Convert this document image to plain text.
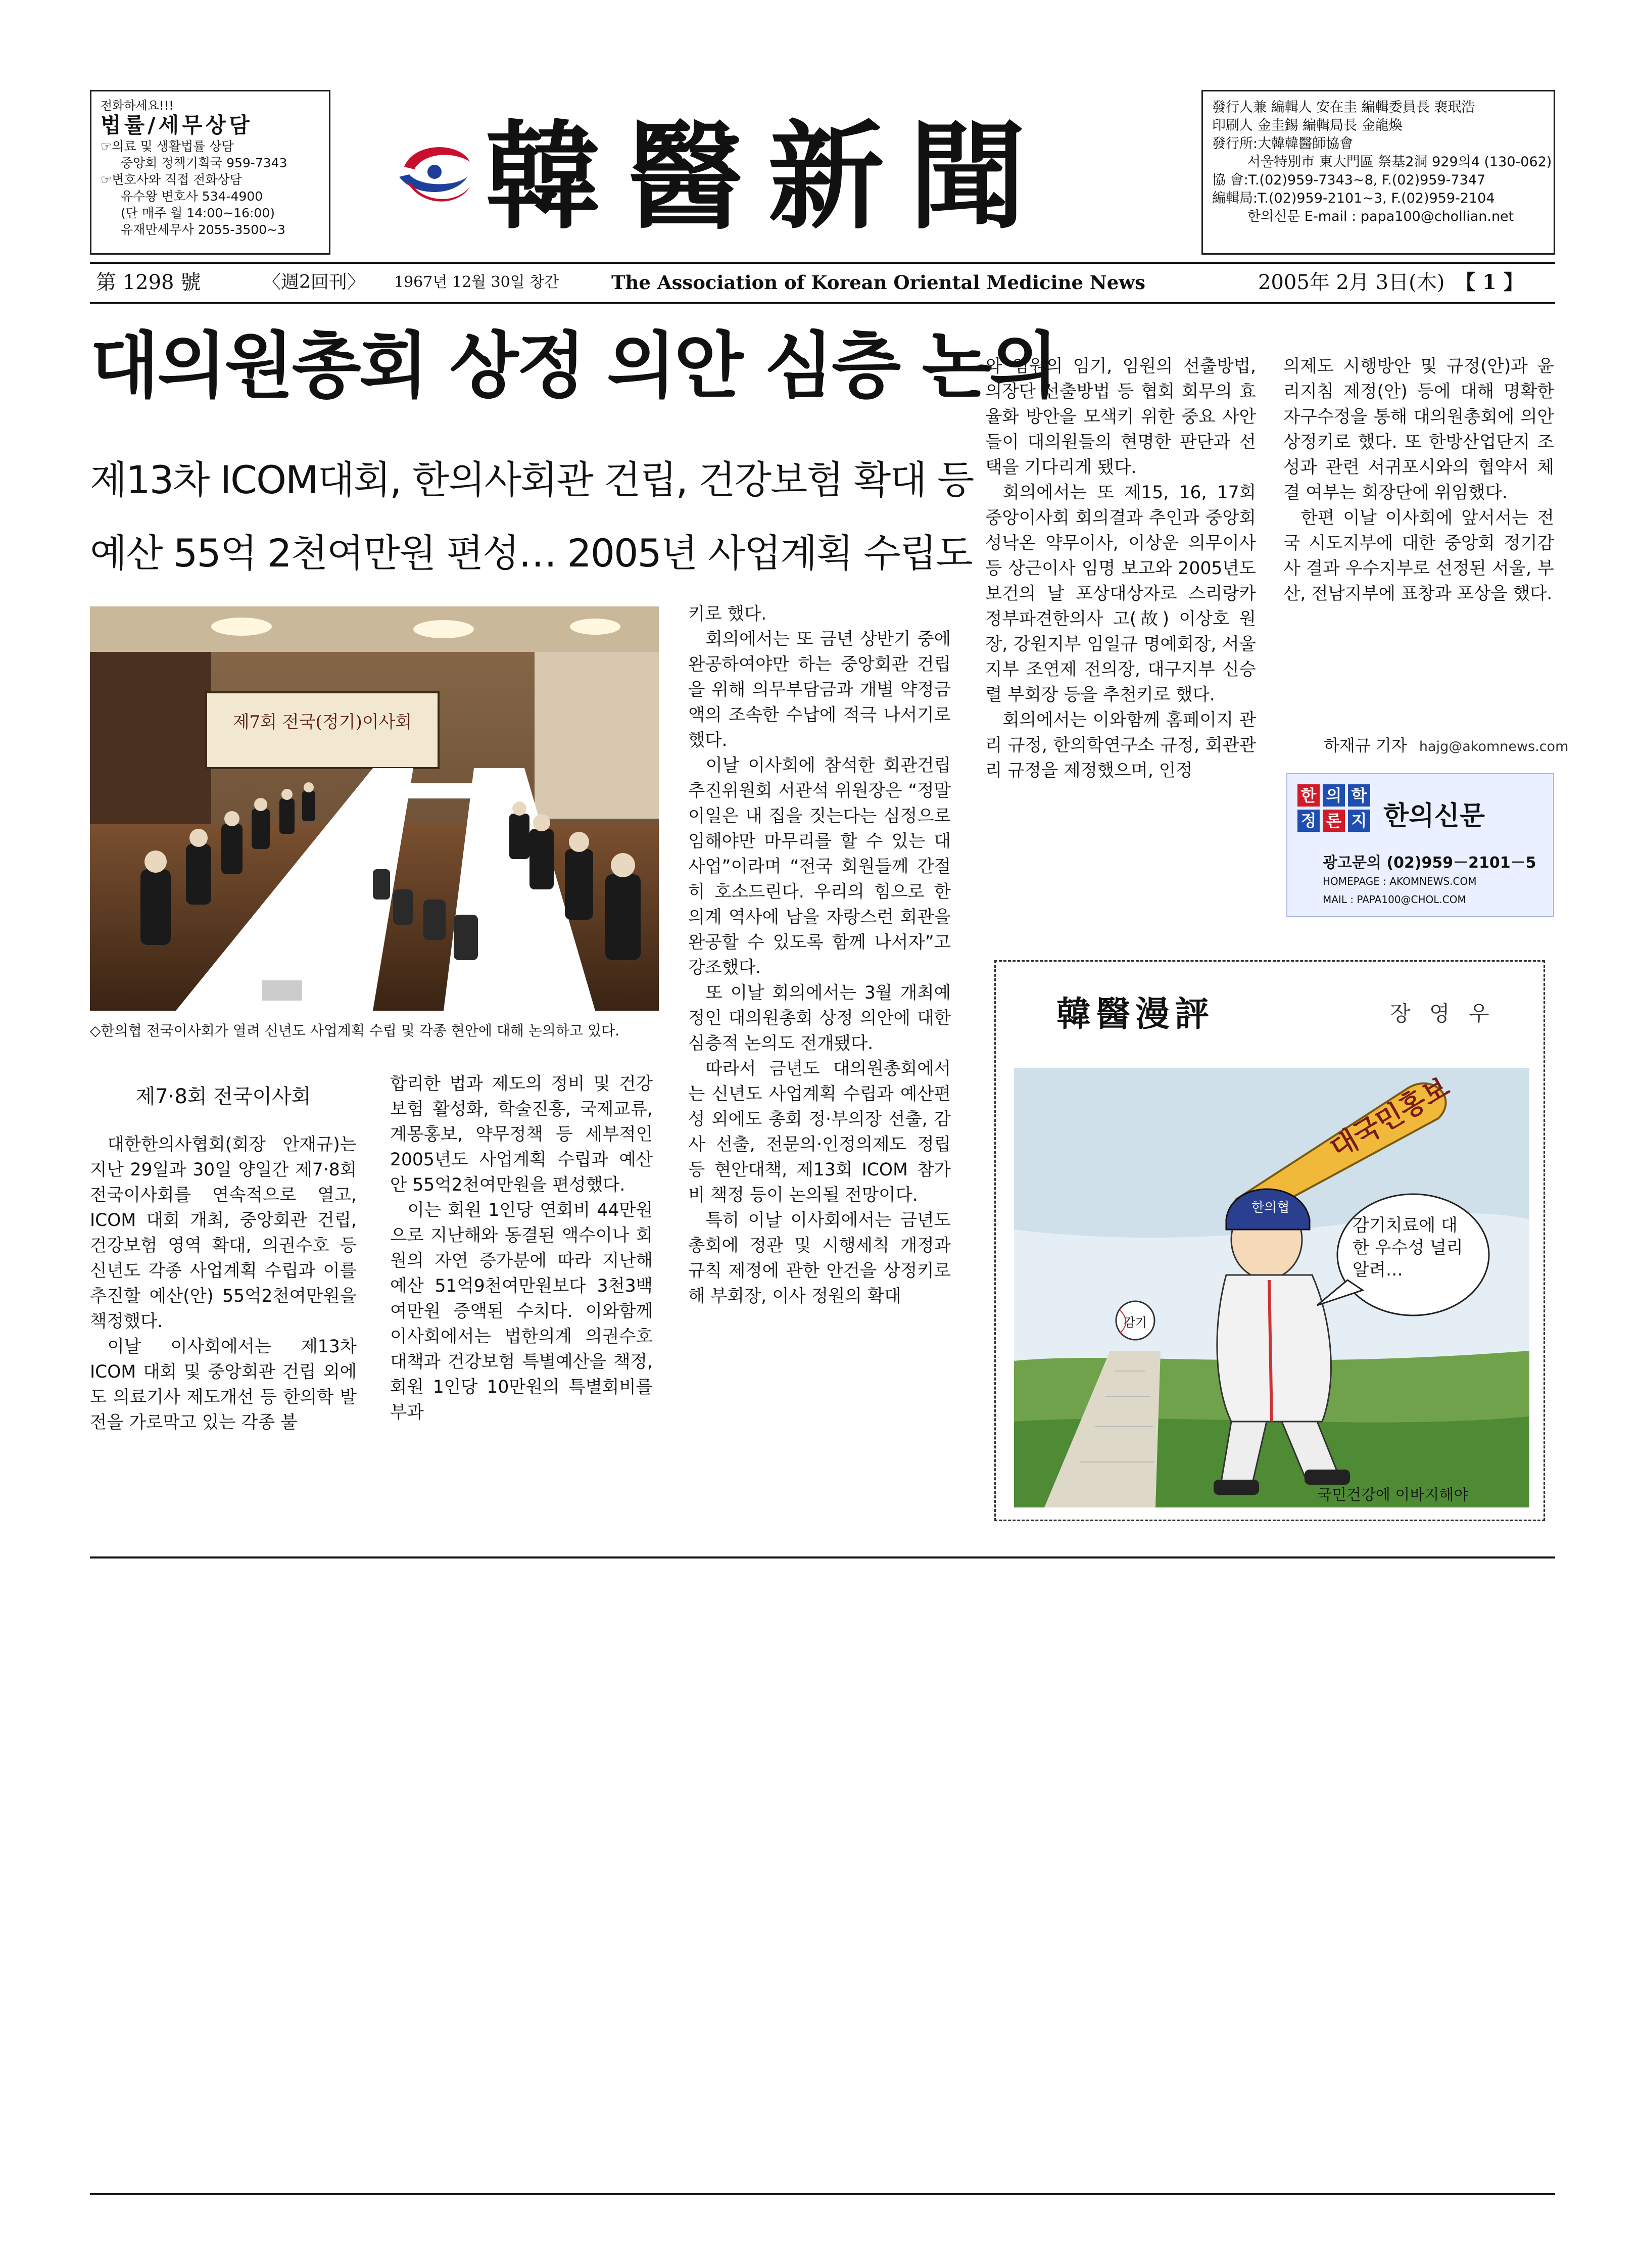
전화하세요!!!
법률/세무상담
☞의료 및 생활법률 상담
중앙회 정책기획국 959-7343
☞변호사와 직접 전화상담
유수왕 변호사 534-4900
(단 매주 월 14:00~16:00)
유재만세무사 2055-3500~3 韓醫新聞
發行人兼 編輯人 安在圭 編輯委員長 裵珉浩
印刷人 金圭錫 編輯局長 金龍煥
發行所:大韓韓醫師協會
서울特別市 東大門區 祭基2洞 929의4 (130-062)
協 會:T.(02)959-7343~8, F.(02)959-7347
編輯局:T.(02)959-2101~3, F.(02)959-2104
한의신문 E-mail : papa100@chollian.net
第 1298 號	〈週2回刊〉 1967년 12월 30일 창간	The Association of Korean Oriental Medicine News	2005年 2月 3日(木) 【 1 】
대의원총회 상정 의안 심층 논의
제13차 ICOM대회, 한의사회관 건립, 건강보험 확대 등
예산 55억 2천여만원 편성… 2005년 사업계획 수립도
제7회 전국(정기)이사회
◇한의협 전국이사회가 열려 신년도 사업계획 수립 및 각종 현안에 대해 논의하고 있다.
제7·8회 전국이사회

대한한의사협회(회장 안재규)는 지난 29일과 30일 양일간 제7·8회 전국이사회를 연속적으로 열고, ICOM 대회 개최, 중앙회관 건립, 건강보험 영역 확대, 의권수호 등 신년도 각종 사업계획 수립과 이를 추진할 예산(안) 55억2천여만원을 책정했다.

이날 이사회에서는 제13차 ICOM 대회 및 중앙회관 건립 외에도 의료기사 제도개선 등 한의학 발전을 가로막고 있는 각종 불

합리한 법과 제도의 정비 및 건강보험 활성화, 학술진흥, 국제교류, 계몽홍보, 약무정책 등 세부적인 2005년도 사업계획 수립과 예산안 55억2천여만원을 편성했다.

이는 회원 1인당 연회비 44만원으로 지난해와 동결된 액수이나 회원의 자연 증가분에 따라 지난해 예산 51억9천여만원보다 3천3백여만원 증액된 수치다. 이와함께 이사회에서는 법한의계 의권수호 대책과 건강보험 특별예산을 책정, 회원 1인당 10만원의 특별회비를 부과

키로 했다.

회의에서는 또 금년 상반기 중에 완공하여야만 하는 중앙회관 건립을 위해 의무부담금과 개별 약정금액의 조속한 수납에 적극 나서기로 했다.

이날 이사회에 참석한 회관건립추진위원회 서관석 위원장은 “정말 이일은 내 집을 짓는다는 심정으로 임해야만 마무리를 할 수 있는 대사업”이라며 “전국 회원들께 간절히 호소드린다. 우리의 힘으로 한의계 역사에 남을 자랑스런 회관을 완공할 수 있도록 함께 나서자”고 강조했다.

또 이날 회의에서는 3월 개최예정인 대의원총회 상정 의안에 대한 심층적 논의도 전개됐다.

따라서 금년도 대의원총회에서는 신년도 사업계획 수립과 예산편성 외에도 총회 정·부의장 선출, 감사 선출, 전문의·인정의제도 정립 등 현안대책, 제13회 ICOM 참가비 책정 등이 논의될 전망이다.

특히 이날 이사회에서는 금년도 총회에 정관 및 시행세칙 개정과 규칙 제정에 관한 안건을 상정키로해 부회장, 이사 정원의 확대

와 임원의 임기, 임원의 선출방법, 의장단 선출방법 등 협회 회무의 효율화 방안을 모색키 위한 중요 사안들이 대의원들의 현명한 판단과 선택을 기다리게 됐다.

회의에서는 또 제15, 16, 17회 중앙이사회 회의결과 추인과 중앙회 성낙온 약무이사, 이상운 의무이사 등 상근이사 임명 보고와 2005년도 보건의 날 포상대상자로 스리랑카 정부파견한의사 고(故) 이상호 원장, 강원지부 임일규 명예회장, 서울지부 조연제 전의장, 대구지부 신승렬 부회장 등을 추천키로 했다.

회의에서는 이와함께 홈페이지 관리 규정, 한의학연구소 규정, 회관관리 규정을 제정했으며, 인정

의제도 시행방안 및 규정(안)과 윤리지침 제정(안) 등에 대해 명확한 자구수정을 통해 대의원총회에 의안 상정키로 했다. 또 한방산업단지 조성과 관련 서귀포시와의 협약서 체결 여부는 회장단에 위임했다.

한편 이날 이사회에 앞서서는 전국 시도지부에 대한 중앙회 정기감사 결과 우수지부로 선정된 서울, 부산, 전남지부에 표창과 포상을 했다.

하재규 기자 hajg@akomnews.com
한 의 학
정 론 지 한의신문
광고문의 (02)959－2101－5
HOMEPAGE : AKOMNEWS.COM
MAIL : PAPA100@CHOL.COM
韓醫漫評	장 영 우
감기
대국민홍보
한의협
감기치료에 대한 우수성 널리 알려…
국민건강에 이바지해야
